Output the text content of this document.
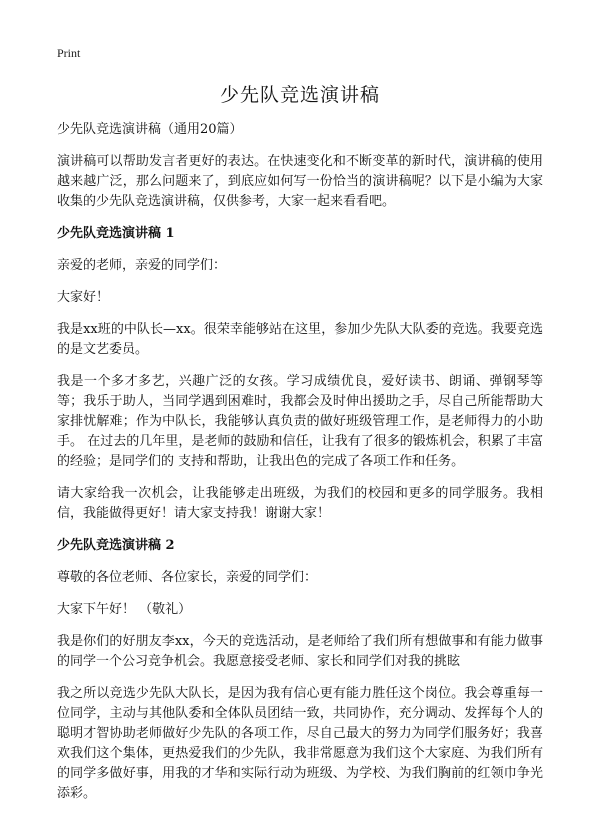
Print
少先队竞选演讲稿

少先队竞选演讲稿（通用20篇）

演讲稿可以帮助发言者更好的表达。在快速变化和不断变革的新时代，演讲稿的使用越来越广泛，那么问题来了，到底应如何写一份恰当的演讲稿呢？以下是小编为大家收集的少先队竞选演讲稿，仅供参考，大家一起来看看吧。

少先队竞选演讲稿 1

亲爱的老师，亲爱的同学们：

大家好！

我是xx班的中队长—xx。很荣幸能够站在这里，参加少先队大队委的竞选。我要竞选的是文艺委员。

我是一个多才多艺，兴趣广泛的女孩。学习成绩优良，爱好读书、朗诵、弹钢琴等等；我乐于助人，当同学遇到困难时，我都会及时伸出援助之手，尽自己所能帮助大家排忧解难；作为中队长，我能够认真负责的做好班级管理工作，是老师得力的小助手。 在过去的几年里，是老师的鼓励和信任，让我有了很多的锻炼机会，积累了丰富的经验；是同学们的 支持和帮助，让我出色的完成了各项工作和任务。

请大家给我一次机会，让我能够走出班级，为我们的校园和更多的同学服务。我相信，我能做得更好！请大家支持我！谢谢大家！

少先队竞选演讲稿 2

尊敬的各位老师、各位家长，亲爱的同学们：

大家下午好！ （敬礼）

我是你们的好朋友李xx，今天的竞选活动，是老师给了我们所有想做事和有能力做事的同学一个公习竞争机会。我愿意接受老师、家长和同学们对我的挑眩

我之所以竞选少先队大队长，是因为我有信心更有能力胜任这个岗位。我会尊重每一位同学，主动与其他队委和全体队员团结一致，共同协作，充分调动、发挥每个人的聪明才智协助老师做好少先队的各项工作，尽自己最大的努力为同学们服务好；我喜欢我们这个集体，更热爱我们的少先队，我非常愿意为我们这个大家庭、为我们所有的同学多做好事，用我的才华和实际行动为班级、为学校、为我们胸前的红领巾争光添彩。
